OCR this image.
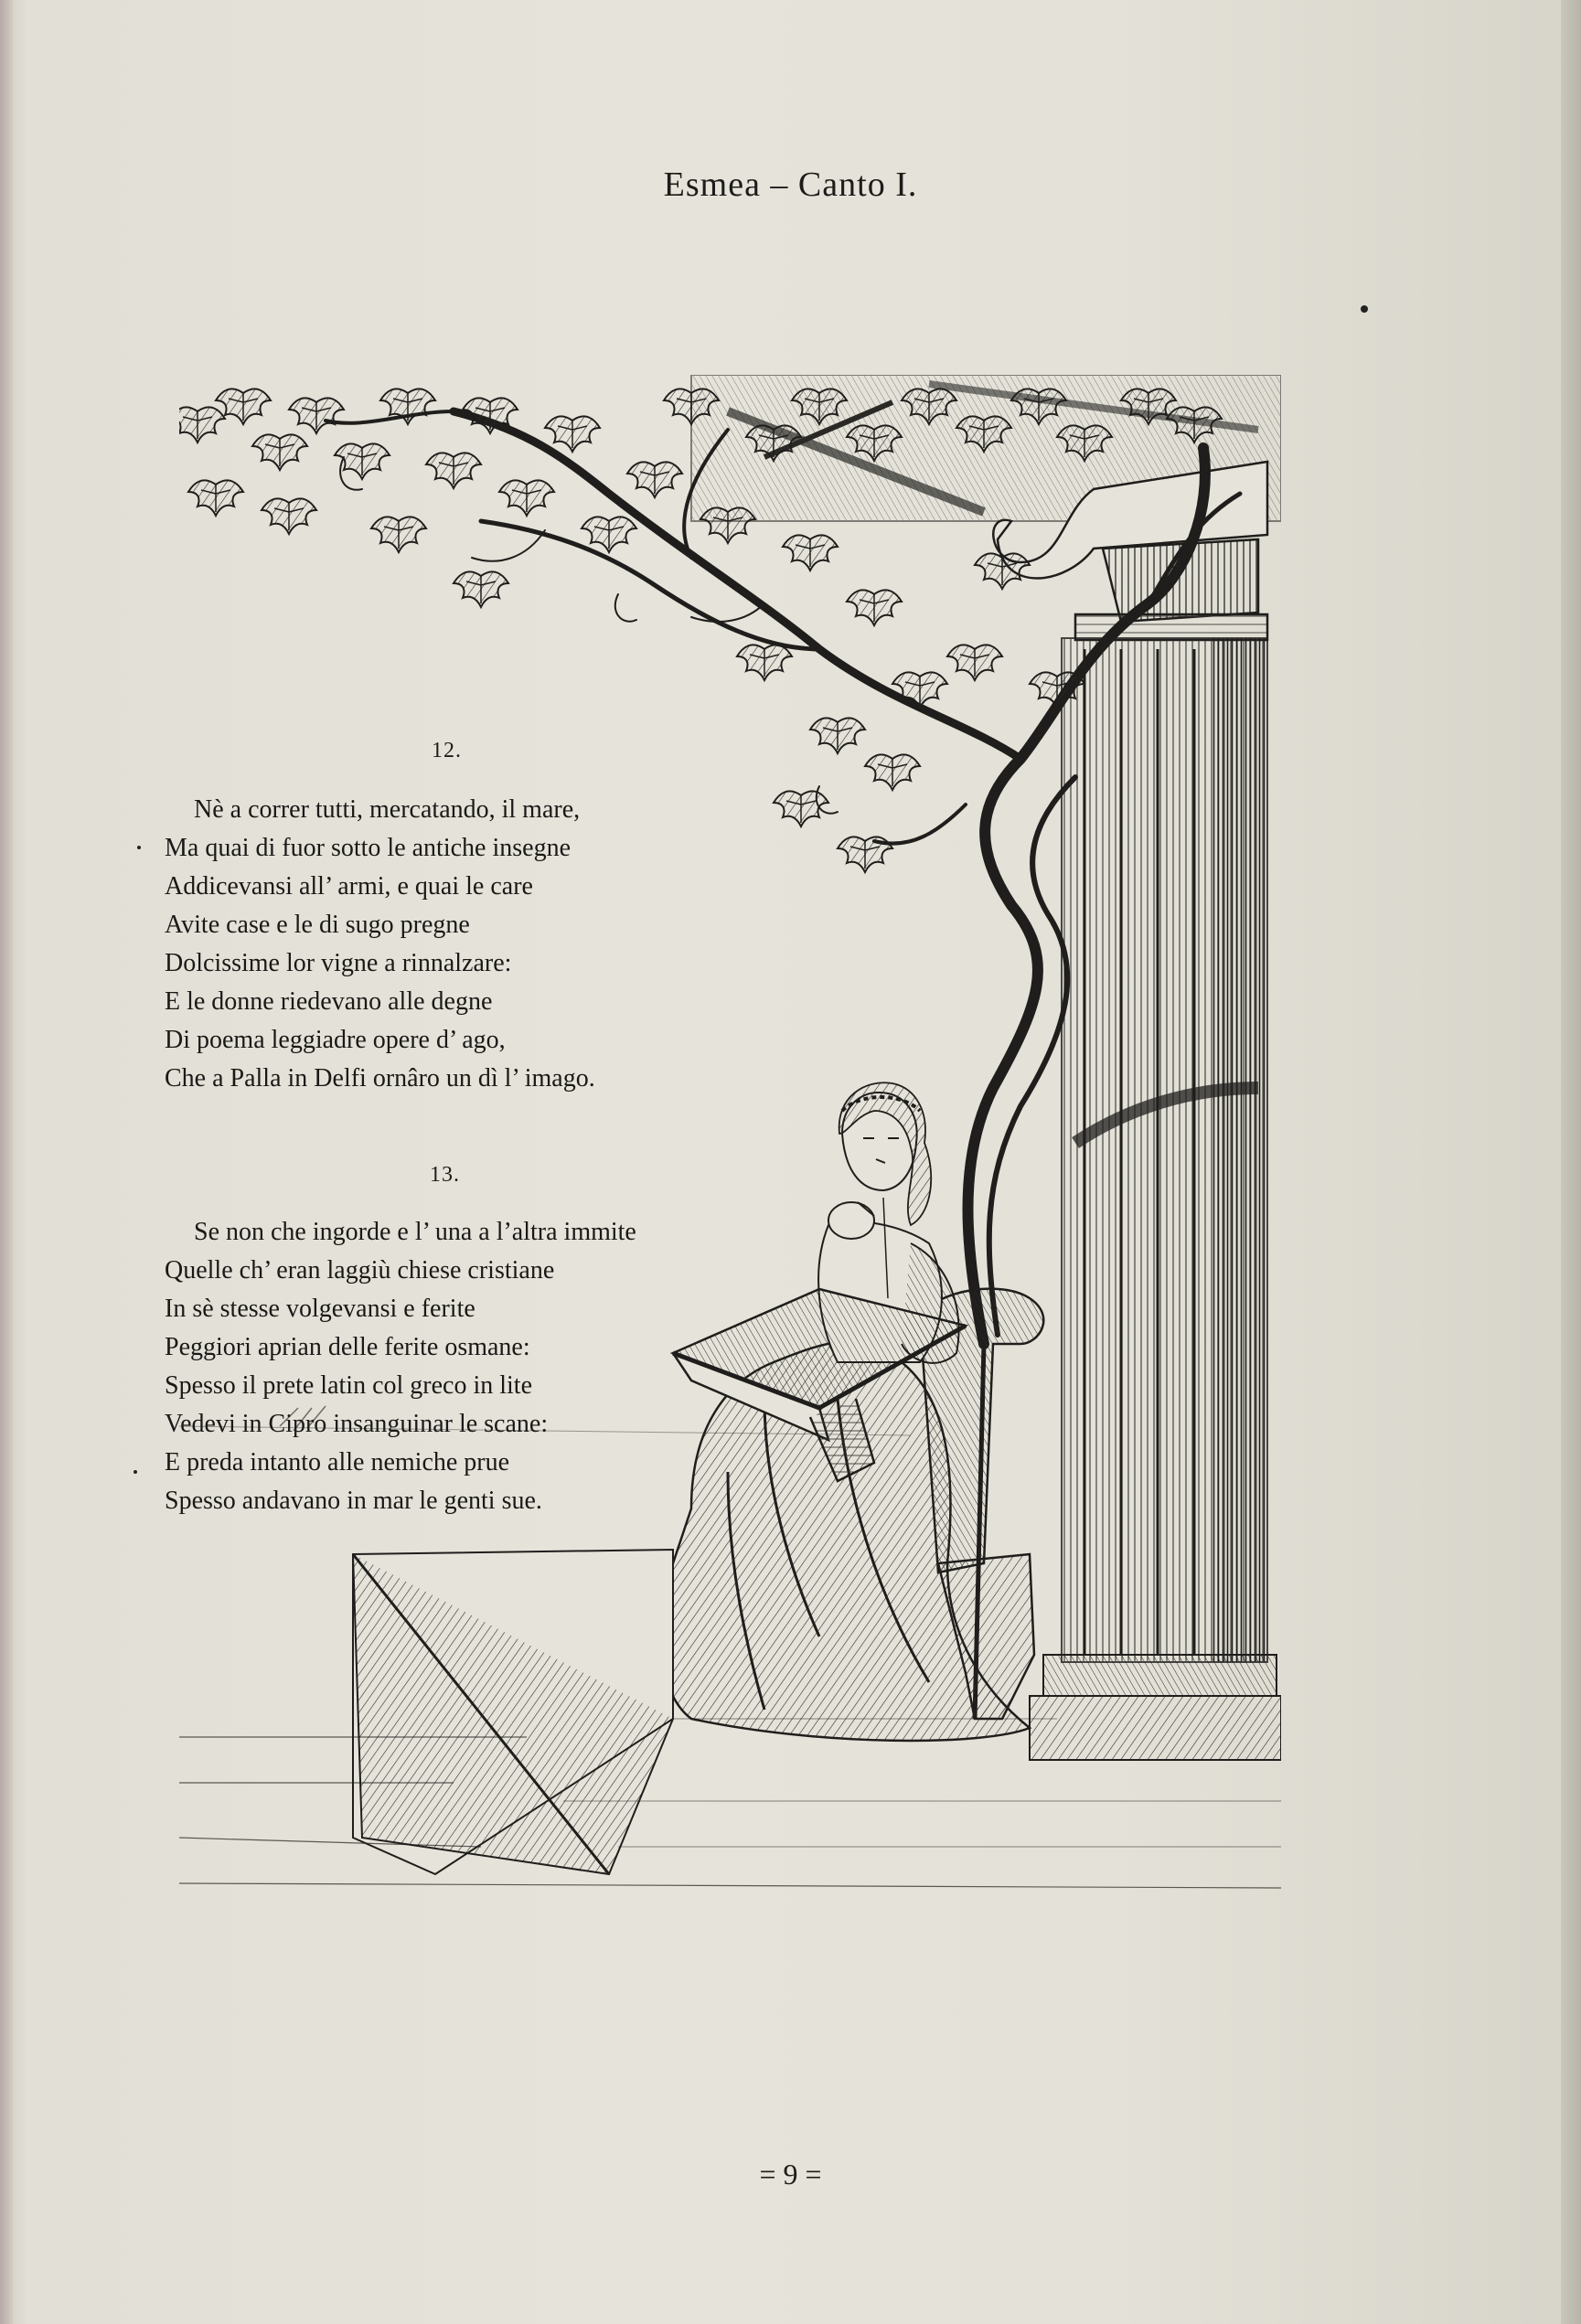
Esmea – Canto I.
12.
Nè a correr tutti, mercatando, il mare,
Ma quai di fuor sotto le antiche insegne
Addicevansi all’ armi, e quai le care
Avite case e le di sugo pregne
Dolcissime lor vigne a rinnalzare:
E le donne riedevano alle degne
Di poema leggiadre opere d’ ago,
Che a Palla in Delfi ornâro un dì l’ imago.
13.
Se non che ingorde e l’ una a l’altra immite
Quelle ch’ eran laggiù chiese cristiane
In sè stesse volgevansi e ferite
Peggiori aprian delle ferite osmane:
Spesso il prete latin col greco in lite
Vedevi in Cipro insanguinar le scane:
E preda intanto alle nemiche prue
Spesso andavano in mar le genti sue.
= 9 =
